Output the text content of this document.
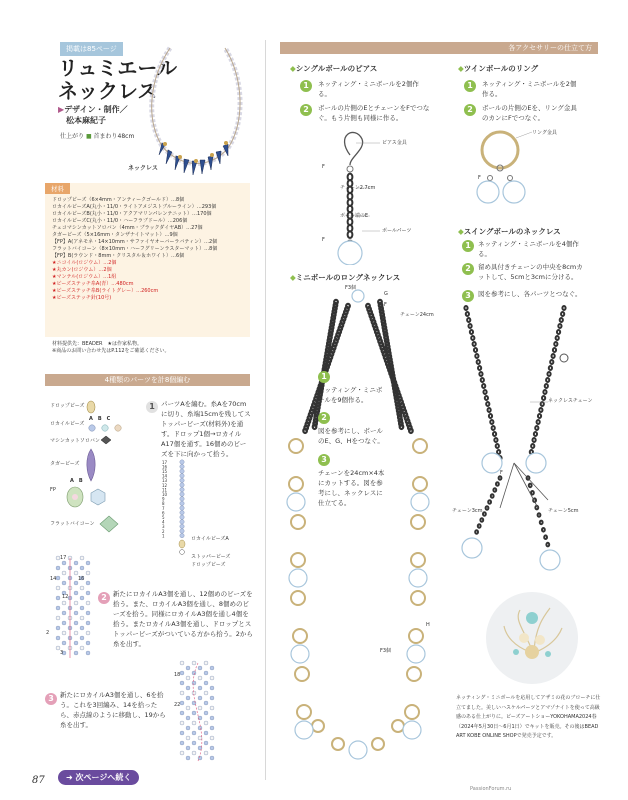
掲載は85ページ
リュミエール
ネックレス
▶デザイン・制作／
松本麻紀子
仕上がり ■ 首まわり48cm
ネックレス
材料
ドロップビーズ（6×4mm・アンティークゴールド）…8個
ロカイルビーズA(丸小・11/0・ライトアメジストブルーライン）…293個
ロカイルビーズB(丸小・11/0・アクアマリンパレンテニット）…170個
ロカイルビーズC(丸小・11/0・ハーフラブドール）…206個
チェコマシンカットソロバン（4mm・ブラックダイヤAB）…27個
タガービーズ（5×16mm・タンザナイトマット）…9個
【FP】A(アネモネ・14×10mm・サファイヤオーバーラバティン）…2個
フラットバイコーン（8×10mm・ハーフグリーンラスターマット）…8個
【FP】B(ラウンド・8mm・クリスタル＆ホワイト）…6個
★ニコイル(ロジウム）…2個
★丸カン(ロジウム）…2個
★マンテル(ロジウム）…1組
★ビーズステッチ糸A(青）…480cm
★ビーズステッチ糸B(ライトグレー）…260cm
★ビーズステッチ針(10号)
材料提供先：BEADER　★は作家私物。
※商品のお問い合わせ先はP.112をご確認ください。
4種類のパーツを計8個編む
ドロップビーズ
ロカイルビーズ
A　B　C
マシンカットソロバン
タガービーズ
FP
A　B
フラットバイコーン
1 パーツAを編む。糸Aを70cmに切り、糸端15cmを残してストッパービーズ(材料外)を通す。ドロップ1個→ロカイルA17個を通す。16個めのビーズを下に向かって拾う。
17
16
15
14
13
12
11
10
9
8
7
6
5
4
3
2
1
ロカイルビーズA
ストッパービーズ
ドロップビーズ
17
14	16
12
2
3
2 新たにロカイルA3個を通し、12個めのビーズを拾う。また、ロカイルA3個を通し、8個めのビーズを拾う。同様にロカイルA3個を通し4個を拾う。またロカイルA3個を通し、ドロップとストッパービーズがついている方から拾う。2から糸を出す。
3 新たにロカイルA3個を通し、6を拾う。これを3回編み、14を拾ったら、赤点線のように移動し、19から糸を出す。
18
22
87	➜ 次ページへ続く
各アクセサリーの仕立て方
◆シングルボールのピアス
1	ネッティング・ミニボールを2個作る。
2	ボールの片側のEとチェーンをFでつなぐ。もう片側も同様に作る。
ピアス金具
チェーン2.7cm
ボール端のE
ボールパーツ
F
F
◆ツインボールのリング
1	ネッティング・ミニボールを2個作る。
2	ボールの片側のEを、リング金具のカンにFでつなぐ。
リング金具
F
◆ミニボールのロングネックレス
F3個
G
F
チェーン24cm
H
F3個
1
ネッティング・ミニボールを9個作る。
2
図を参考にし、ボールのE、G、Hをつなぐ。
3
チェーンを24cm×4本にカットする。図を参考にし、ネックレスに仕立てる。
◆スイングボールのネックレス
1	ネッティング・ミニボールを4個作る。
2	留め具付きチェーンの中央を8cmカットして、5cmと3cmに分ける。
3	図を参考にし、各パーツとつなぐ。
ネックレスチェーン
チェーン3cm	チェーン5cm
F
ネッティング・ミニボールを応用してアザミの花のブローチに仕立てました。美しいハスケルパーツとアマゾナイトを使って高級感のある仕上がりに。ビーズアートショーYOKOHAMA2024春（2024年5月30日〜6月1日）でキットを販売。その後はBEAD ART KOBE ONLINE SHOPで発売予定です。
PassionForum.ru
